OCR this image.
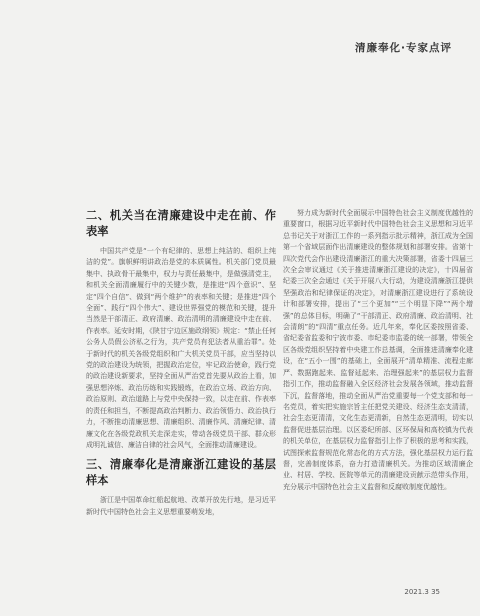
清廉奉化·专家点评
二、机关当在清廉建设中走在前、作表率
中国共产党是“一个有纪律的、思想上纯洁的、组织上纯洁的党”。旗帜鲜明讲政治是党的本质属性。机关部门党员最集中、执政骨干最集中，权力与责任最集中，是做强清党主，和机关全面清廉履行中的关键少数，是推进“四个意识”、坚定“四个自信”、做到“两个维护”的表率和关键；是推进“四个全面”、践行“四个伟大”、建设世界强党的模范和关键，提升当然是干部清正、政府清廉、政治清明的清廉建设中走在前、作表率。延安时期，《陕甘宁边区施政纲领》规定：“禁止任何公务人员假公济私之行为，共产党员有犯法者从重治罪”。处于新时代的机关各级党组织和广大机关党员干部，应当坚持以党的政治建设为统领，把握政治定位，牢记政治使命，践行党的政治建设新要求，坚持全面从严治党首先要从政治上看，加强思想淬炼、政治历练和实践锻炼，在政治立场、政治方向、政治原则、政治道路上与党中央保持一致，以走在前、作表率的责任和担当，不断提高政治判断力、政治领悟力、政治执行力，不断推动清廉思想、清廉组织、清廉作风、清廉纪律、清廉文化在各级党政机关走深走实，带动各级党员干部、群众形成明礼诚信、廉洁自律的社会风气，全面推动清廉建设。
三、清廉奉化是清廉浙江建设的基层样本
浙江是中国革命红船起航地、改革开放先行地，是习近平新时代中国特色社会主义思想重要萌发地，
努力成为新时代全面展示中国特色社会主义制度优越性的重要窗口，根据习近平新时代中国特色社会主义思想和习近平总书记关于对浙江工作的一系列指示批示精神，浙江成为全国第一个省域层面作出清廉建设的整体规划和部署安排。省第十四次党代会作出建设清廉浙江的重大决策部署，省委十四届三次全会审议通过《关于推进清廉浙江建设的决定》，十四届省纪委三次全会通过《关于开展八大行动，为建设清廉浙江提供坚强政治和纪律保证的决定》，对清廉浙江建设进行了系统设计和部署安排，提出了“三个更加”“三个明显下降”“两个增强”的总体目标，明确了“干部清正、政府清廉、政治清明、社会清朗”的“四清”重点任务。近几年来，奉化区委按照省委、省纪委省监委和宁波市委、市纪委市监委的统一部署，带领全区各级党组织坚持着中央建工作总基调，全面推进清廉奉化建设，在“五小一围”的基础上，全面展开“清单精准、流程走廊严、数据跑起来、监督延起来、治理强起来”的基层权力监督指引工作，推动监督融入全区经济社会发展各领域，推动监督下沉，监督落地，推动全面从严治党重要每一个党支部和每一名党员，着实把实施宗旨主任把党关建设、经济生态支清清，社会生态更清清，文化生态更清新，自然生态更清明，切实以监督促进基层治理。以区委纪所部、区环保局和高校镇为代表的机关单位，在基层权力监督指引上作了积极的思考和实践，试图探索监督规范化常态化的方式方法，强化基层权力运行监督，完善制度体系，奋力打造清廉机关。为推动区域清廉企业、村居、学校、医院等单元的清廉建设贡献示范带头作用，充分展示中国特色社会主义监督和反腐败制度优越性。
2021.3 35
